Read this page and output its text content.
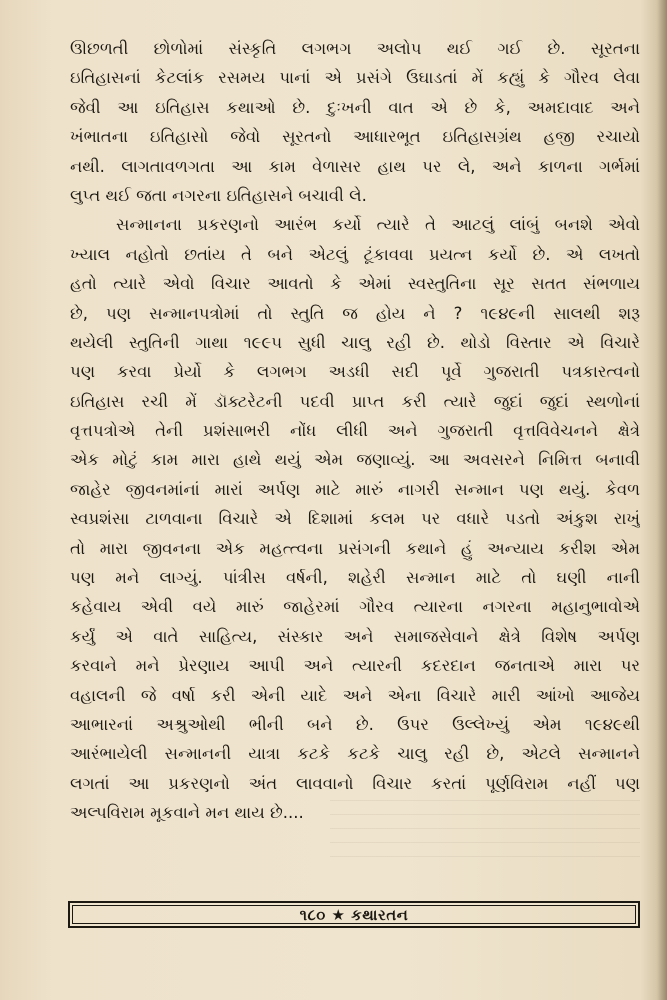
ઊછળતી છોળોમાં સંસ્કૃતિ લગભગ અલોપ થઈ ગઈ છે. સૂરતના
ઇતિહાસનાં કેટલાંક રસમય પાનાં એ પ્રસંગે ઉઘાડતાં મેં કહ્યું કે ગૌરવ લેવા
જેવી આ ઇતિહાસ કથાઓ છે. દુઃખની વાત એ છે કે, અમદાવાદ અને
ખંભાતના ઇતિહાસો જેવો સૂરતનો આધારભૂત ઇતિહાસગ્રંથ હજી રચાયો
નથી. લાગતાવળગતા આ કામ વેળાસર હાથ પર લે, અને કાળના ગર્ભમાં
લુપ્ત થઈ જતા નગરના ઇતિહાસને બચાવી લે.
સન્માનના પ્રકરણનો આરંભ કર્યો ત્યારે તે આટલું લાંબું બનશે એવો
ખ્યાલ નહોતો છતાંય તે બને એટલું ટૂંકાવવા પ્રયત્ન કર્યો છે. એ લખતો
હતો ત્યારે એવો વિચાર આવતો કે એમાં સ્વસ્તુતિના સૂર સતત સંભળાય
છે, પણ સન્માનપત્રોમાં તો સ્તુતિ જ હોય ને ? ૧૯૪૯ની સાલથી શરૂ
થયેલી સ્તુતિની ગાથા ૧૯૯૫ સુધી ચાલુ રહી છે. થોડો વિસ્તાર એ વિચારે
પણ કરવા પ્રેર્યો કે લગભગ અડધી સદી પૂર્વે ગુજરાતી પત્રકારત્વનો
ઇતિહાસ રચી મેં ડૉક્ટરેટની પદવી પ્રાપ્ત કરી ત્યારે જુદાં જુદાં સ્થળોનાં
વૃત્તપત્રોએ તેની પ્રશંસાભરી નોંધ લીધી અને ગુજરાતી વૃત્તવિવેચનને ક્ષેત્રે
એક મોટું કામ મારા હાથે થયું એમ જણાવ્યું. આ અવસરને નિમિત્ત બનાવી
જાહેર જીવનમાંનાં મારાં અર્પણ માટે મારું નાગરી સન્માન પણ થયું. કેવળ
સ્વપ્રશંસા ટાળવાના વિચારે એ દિશામાં કલમ પર વધારે પડતો અંકુશ રાખું
તો મારા જીવનના એક મહત્ત્વના પ્રસંગની કથાને હું અન્યાય કરીશ એમ
પણ મને લાગ્યું. પાંત્રીસ વર્ષની, શહેરી સન્માન માટે તો ઘણી નાની
કહેવાય એવી વયે મારું જાહેરમાં ગૌરવ ત્યારના નગરના મહાનુભાવોએ
કર્યું એ વાતે સાહિત્ય, સંસ્કાર અને સમાજસેવાને ક્ષેત્રે વિશેષ અર્પણ
કરવાને મને પ્રેરણાય આપી અને ત્યારની કદરદાન જનતાએ મારા પર
વહાલની જે વર્ષા કરી એની યાદે અને એના વિચારે મારી આંખો આજેય
આભારનાં અશ્રુઓથી ભીની બને છે. ઉપર ઉલ્લેખ્યું એમ ૧૯૪૯થી
આરંભાયેલી સન્માનની યાત્રા કટકે કટકે ચાલુ રહી છે, એટલે સન્માનને
લગતાં આ પ્રકરણનો અંત લાવવાનો વિચાર કરતાં પૂર્ણવિરામ નહીં પણ
અલ્પવિરામ મૂકવાને મન થાય છે....
૧૮૦ ★ કથારતન
